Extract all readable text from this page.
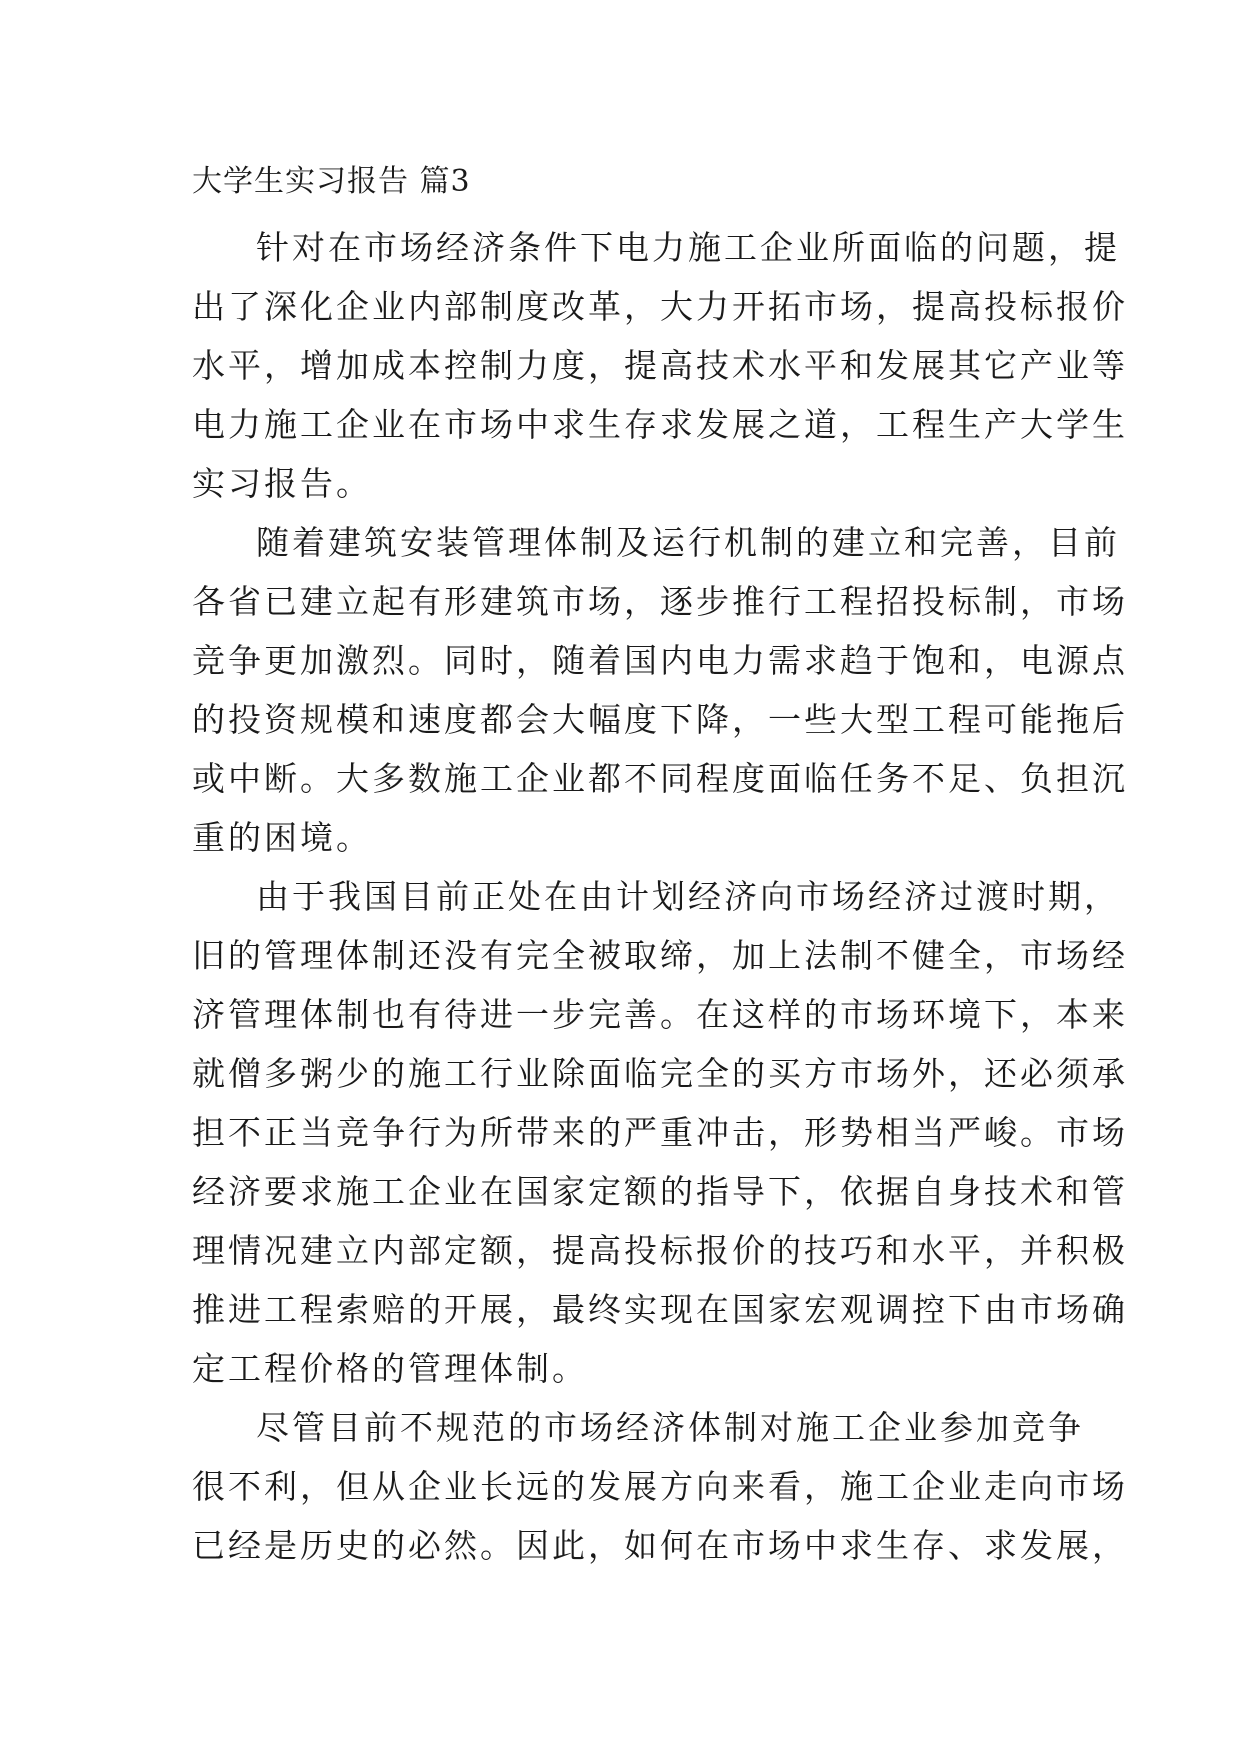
大学生实习报告 篇3
针对在市场经济条件下电力施工企业所面临的问题，提
出了深化企业内部制度改革，大力开拓市场，提高投标报价
水平，增加成本控制力度，提高技术水平和发展其它产业等
电力施工企业在市场中求生存求发展之道，工程生产大学生
实习报告。
随着建筑安装管理体制及运行机制的建立和完善，目前
各省已建立起有形建筑市场，逐步推行工程招投标制，市场
竞争更加激烈。同时，随着国内电力需求趋于饱和，电源点
的投资规模和速度都会大幅度下降，一些大型工程可能拖后
或中断。大多数施工企业都不同程度面临任务不足、负担沉
重的困境。
由于我国目前正处在由计划经济向市场经济过渡时期，
旧的管理体制还没有完全被取缔，加上法制不健全，市场经
济管理体制也有待进一步完善。在这样的市场环境下，本来
就僧多粥少的施工行业除面临完全的买方市场外，还必须承
担不正当竞争行为所带来的严重冲击，形势相当严峻。市场
经济要求施工企业在国家定额的指导下，依据自身技术和管
理情况建立内部定额，提高投标报价的技巧和水平，并积极
推进工程索赔的开展，最终实现在国家宏观调控下由市场确
定工程价格的管理体制。
尽管目前不规范的市场经济体制对施工企业参加竞争
很不利，但从企业长远的发展方向来看，施工企业走向市场
已经是历史的必然。因此，如何在市场中求生存、求发展，
